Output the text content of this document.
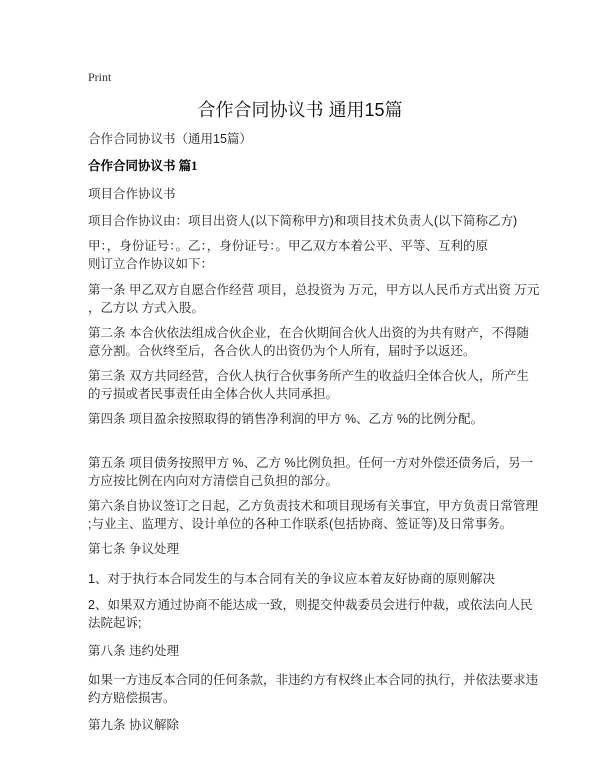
Print
合作合同协议书 通用15篇
合作合同协议书（通用15篇）
合作合同协议书 篇1
项目合作协议书
项目合作协议由：项目出资人(以下简称甲方)和项目技术负责人(以下简称乙方)
甲：，身份证号：。乙：，身份证号：。甲乙双方本着公平、平等、互利的原
则订立合作协议如下：
第一条 甲乙双方自愿合作经营 项目，总投资为 万元，甲方以人民币方式出资 万元
，乙方以 方式入股。
第二条 本合伙依法组成合伙企业，在合伙期间合伙人出资的为共有财产，不得随
意分割。合伙终至后，各合伙人的出资仍为个人所有，届时予以返还。
第三条 双方共同经营，合伙人执行合伙事务所产生的收益归全体合伙人，所产生
的亏损或者民事责任由全体合伙人共同承担。
第四条 项目盈余按照取得的销售净利润的甲方 %、乙方 %的比例分配。
第五条 项目债务按照甲方 %、乙方 %比例负担。任何一方对外偿还债务后，另一
方应按比例在内向对方清偿自己负担的部分。
第六条自协议签订之日起，乙方负责技术和项目现场有关事宜，甲方负责日常管理
;与业主、监理方、设计单位的各种工作联系(包括协商、签证等)及日常事务。
第七条 争议处理
1、对于执行本合同发生的与本合同有关的争议应本着友好协商的原则解决
2、如果双方通过协商不能达成一致，则提交仲裁委员会进行仲裁，或依法向人民
法院起诉;
第八条 违约处理
如果一方违反本合同的任何条款，非违约方有权终止本合同的执行，并依法要求违
约方赔偿损害。
第九条 协议解除
